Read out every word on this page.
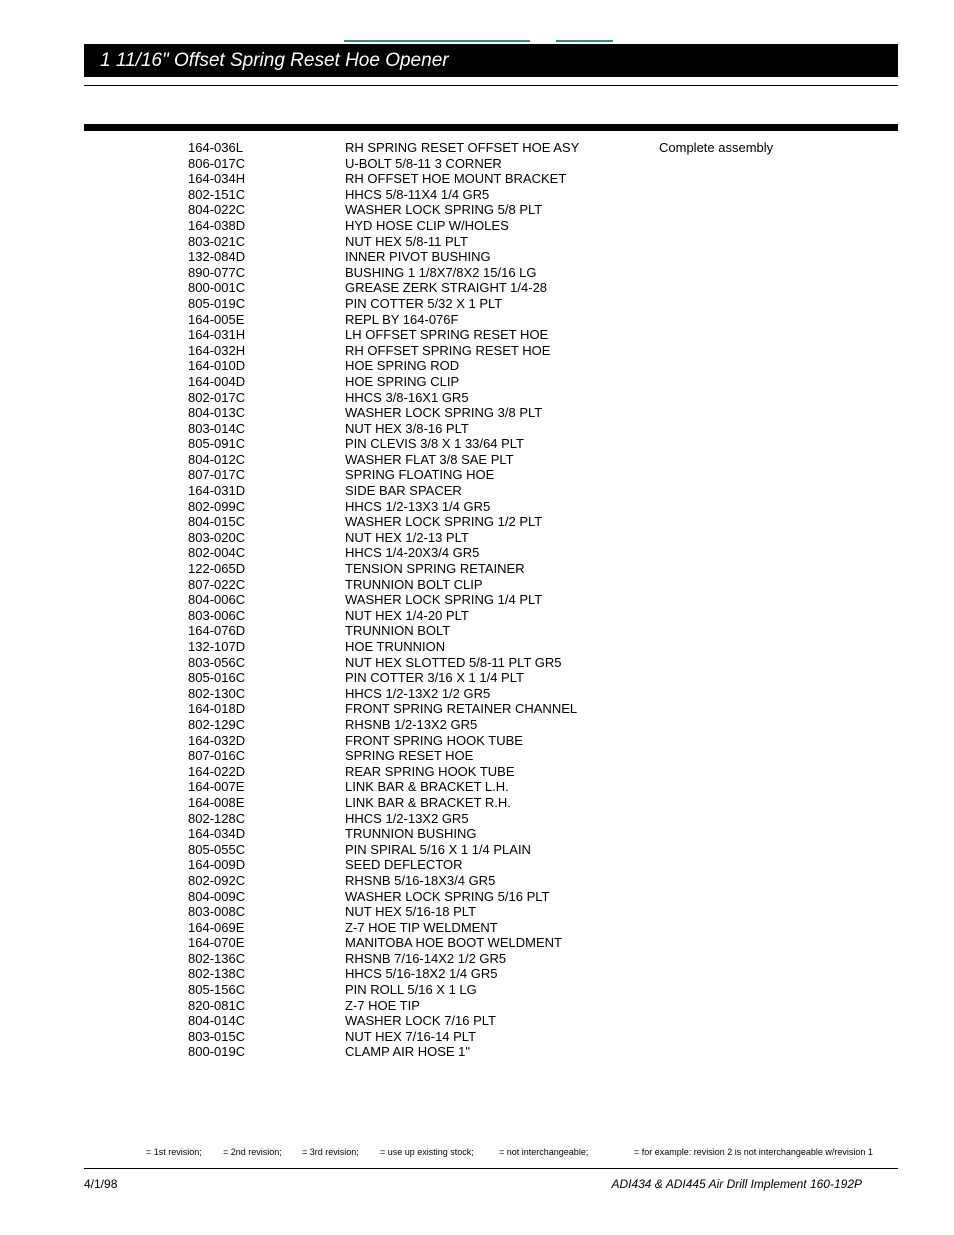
1 11/16" Offset Spring Reset Hoe Opener
164-036L	RH SPRING RESET OFFSET HOE ASY	Complete assembly
806-017C	U-BOLT 5/8-11 3 CORNER
164-034H	RH OFFSET HOE MOUNT BRACKET
802-151C	HHCS 5/8-11X4 1/4 GR5
804-022C	WASHER LOCK SPRING 5/8 PLT
164-038D	HYD HOSE CLIP W/HOLES
803-021C	NUT HEX 5/8-11 PLT
132-084D	INNER PIVOT BUSHING
890-077C	BUSHING 1 1/8X7/8X2 15/16 LG
800-001C	GREASE ZERK STRAIGHT 1/4-28
805-019C	PIN COTTER 5/32 X 1 PLT
164-005E	REPL BY 164-076F
164-031H	LH OFFSET SPRING RESET HOE
164-032H	RH OFFSET SPRING RESET HOE
164-010D	HOE SPRING ROD
164-004D	HOE SPRING CLIP
802-017C	HHCS 3/8-16X1 GR5
804-013C	WASHER LOCK SPRING 3/8 PLT
803-014C	NUT HEX 3/8-16 PLT
805-091C	PIN CLEVIS 3/8 X 1 33/64 PLT
804-012C	WASHER FLAT 3/8 SAE PLT
807-017C	SPRING FLOATING HOE
164-031D	SIDE BAR SPACER
802-099C	HHCS 1/2-13X3 1/4 GR5
804-015C	WASHER LOCK SPRING 1/2 PLT
803-020C	NUT HEX 1/2-13 PLT
802-004C	HHCS 1/4-20X3/4 GR5
122-065D	TENSION SPRING RETAINER
807-022C	TRUNNION BOLT CLIP
804-006C	WASHER LOCK SPRING 1/4 PLT
803-006C	NUT HEX 1/4-20 PLT
164-076D	TRUNNION BOLT
132-107D	HOE TRUNNION
803-056C	NUT HEX SLOTTED 5/8-11 PLT GR5
805-016C	PIN COTTER 3/16 X 1 1/4 PLT
802-130C	HHCS 1/2-13X2 1/2 GR5
164-018D	FRONT SPRING RETAINER CHANNEL
802-129C	RHSNB 1/2-13X2 GR5
164-032D	FRONT SPRING HOOK TUBE
807-016C	SPRING RESET HOE
164-022D	REAR SPRING HOOK TUBE
164-007E	LINK BAR & BRACKET L.H.
164-008E	LINK BAR & BRACKET R.H.
802-128C	HHCS 1/2-13X2 GR5
164-034D	TRUNNION BUSHING
805-055C	PIN SPIRAL 5/16 X 1 1/4 PLAIN
164-009D	SEED DEFLECTOR
802-092C	RHSNB 5/16-18X3/4 GR5
804-009C	WASHER LOCK SPRING 5/16 PLT
803-008C	NUT HEX 5/16-18 PLT
164-069E	Z-7 HOE TIP WELDMENT
164-070E	MANITOBA HOE BOOT WELDMENT
802-136C	RHSNB 7/16-14X2 1/2 GR5
802-138C	HHCS 5/16-18X2 1/4 GR5
805-156C	PIN ROLL 5/16 X 1 LG
820-081C	Z-7 HOE TIP
804-014C	WASHER LOCK 7/16 PLT
803-015C	NUT HEX 7/16-14 PLT
800-019C	CLAMP AIR HOSE 1"
= 1st revision; = 2nd revision; = 3rd revision; = use up existing stock;	= not interchangeable;	= for example: revision 2 is not interchangeable w/revision 1
4/1/98	ADI434 & ADI445 Air Drill Implement 160-192P
